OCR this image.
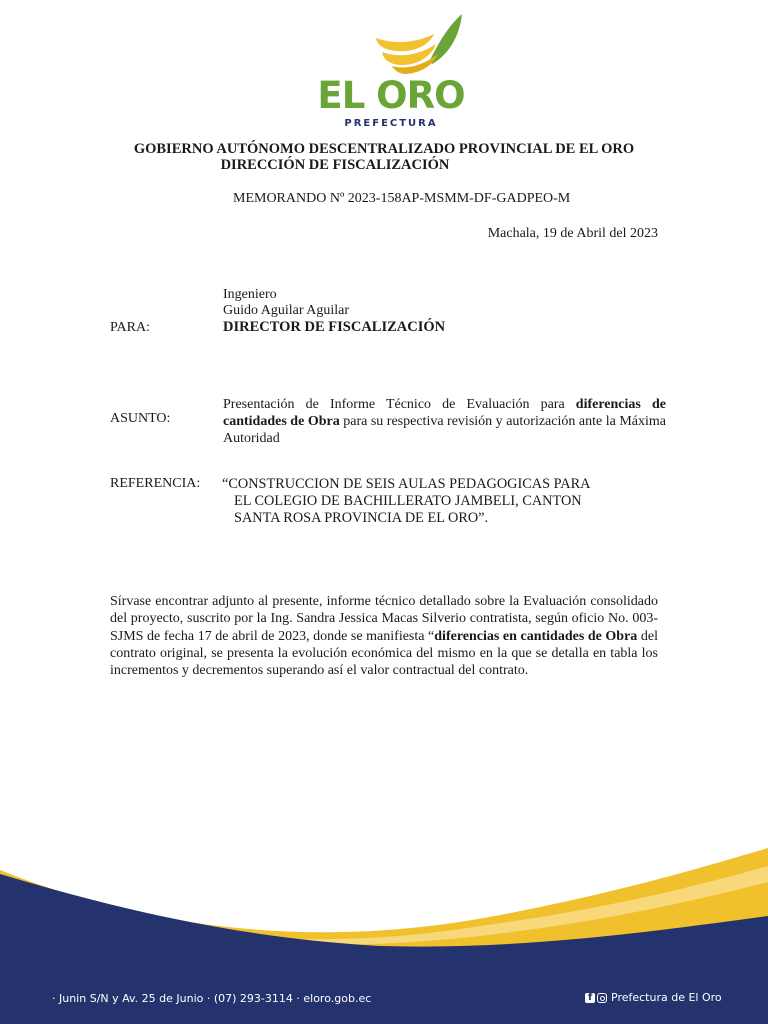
EL ORO
PREFECTURA
GOBIERNO AUTÓNOMO DESCENTRALIZADO PROVINCIAL DE EL ORO
DIRECCIÓN DE FISCALIZACIÓN
MEMORANDO Nº 2023-158AP-MSMM-DF-GADPEO-M
Machala, 19 de Abril del 2023
Ingeniero
Guido Aguilar Aguilar
PARA:	DIRECTOR DE FISCALIZACIÓN
ASUNTO:
Presentación de Informe Técnico de Evaluación para diferencias de cantidades de Obra para su respectiva revisión y autorización ante la Máxima Autoridad
REFERENCIA: “CONSTRUCCION DE SEIS AULAS PEDAGOGICAS PARA
EL COLEGIO DE BACHILLERATO JAMBELI, CANTON
SANTA ROSA PROVINCIA DE EL ORO”.
Sírvase encontrar adjunto al presente, informe técnico detallado sobre la Evaluación consolidado del proyecto, suscrito por la Ing. Sandra Jessica Macas Silverio contratista, según oficio No. 003-SJMS de fecha 17 de abril de 2023, donde se manifiesta “diferencias en cantidades de Obra del contrato original, se presenta la evolución económica del mismo en la que se detalla en tabla los incrementos y decrementos superando así el valor contractual del contrato.
· Junin S/N y Av. 25 de Junio · (07) 293-3114 · eloro.gob.ec	f Prefectura de El Oro
